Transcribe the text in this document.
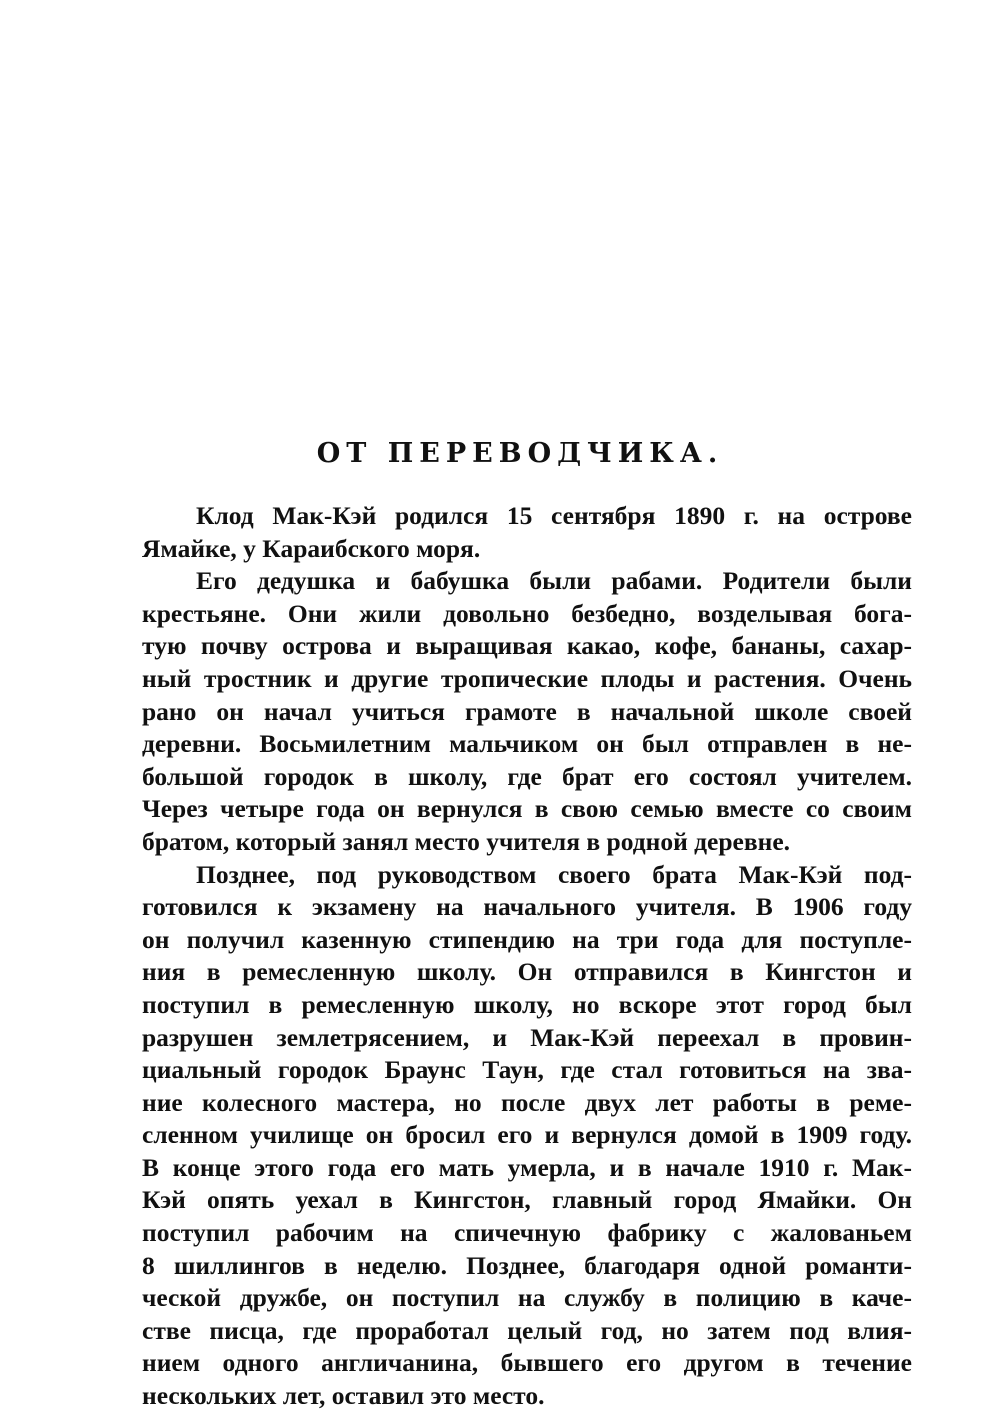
ОТ ПЕРЕВОДЧИКА.
Клод Мак-Кэй родился 15 сентября 1890 г. на острове
Ямайке, у Караибского моря.
Его дедушка и бабушка были рабами. Родители были
крестьяне. Они жили довольно безбедно, возделывая бога-
тую почву острова и выращивая какао, кофе, бананы, сахар-
ный тростник и другие тропические плоды и растения. Очень
рано он начал учиться грамоте в начальной школе своей
деревни. Восьмилетним мальчиком он был отправлен в не-
большой городок в школу, где брат его состоял учителем.
Через четыре года он вернулся в свою семью вместе со своим
братом, который занял место учителя в родной деревне.
Позднее, под руководством своего брата Мак-Кэй под-
готовился к экзамену на начального учителя. В 1906 году
он получил казенную стипендию на три года для поступле-
ния в ремесленную школу. Он отправился в Кингстон и
поступил в ремесленную школу, но вскоре этот город был
разрушен землетрясением, и Мак-Кэй переехал в провин-
циальный городок Браунс Таун, где стал готовиться на зва-
ние колесного мастера, но после двух лет работы в реме-
сленном училище он бросил его и вернулся домой в 1909 году.
В конце этого года его мать умерла, и в начале 1910 г. Мак-
Кэй опять уехал в Кингстон, главный город Ямайки. Он
поступил рабочим на спичечную фабрику с жалованьем
8 шиллингов в неделю. Позднее, благодаря одной романти-
ческой дружбе, он поступил на службу в полицию в каче-
стве писца, где проработал целый год, но затем под влия-
нием одного англичанина, бывшего его другом в течение
нескольких лет, оставил это место.
